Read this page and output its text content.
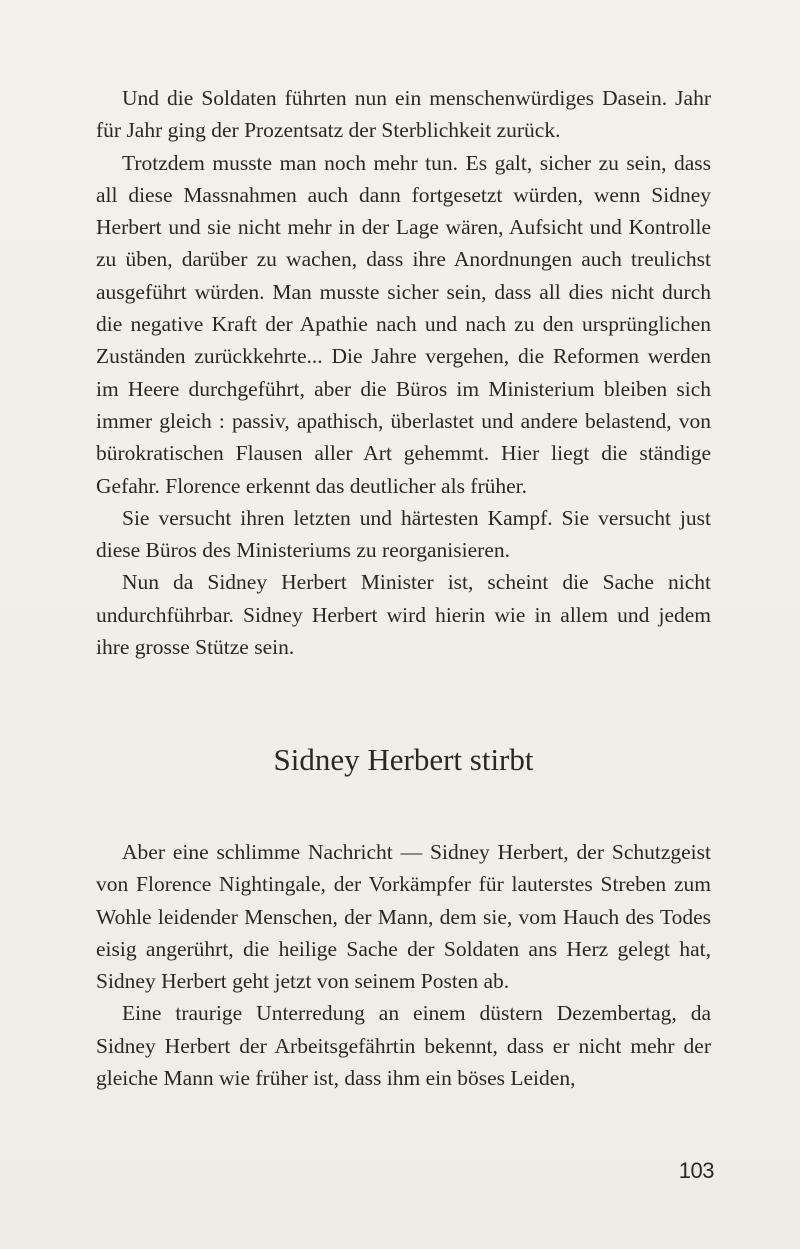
Und die Soldaten führten nun ein menschenwürdiges Dasein. Jahr für Jahr ging der Prozentsatz der Sterblichkeit zurück.

Trotzdem musste man noch mehr tun. Es galt, sicher zu sein, dass all diese Massnahmen auch dann fortgesetzt würden, wenn Sidney Herbert und sie nicht mehr in der Lage wären, Aufsicht und Kontrolle zu üben, darüber zu wachen, dass ihre Anordnungen auch treulichst ausgeführt würden. Man musste sicher sein, dass all dies nicht durch die negative Kraft der Apathie nach und nach zu den ursprünglichen Zuständen zurückkehrte... Die Jahre vergehen, die Reformen werden im Heere durchgeführt, aber die Büros im Ministerium bleiben sich immer gleich : passiv, apathisch, überlastet und andere belastend, von bürokratischen Flausen aller Art gehemmt. Hier liegt die ständige Gefahr. Florence erkennt das deutlicher als früher.

Sie versucht ihren letzten und härtesten Kampf. Sie versucht just diese Büros des Ministeriums zu reorganisieren.

Nun da Sidney Herbert Minister ist, scheint die Sache nicht undurchführbar. Sidney Herbert wird hierin wie in allem und jedem ihre grosse Stütze sein.

Sidney Herbert stirbt

Aber eine schlimme Nachricht — Sidney Herbert, der Schutzgeist von Florence Nightingale, der Vorkämpfer für lauterstes Streben zum Wohle leidender Menschen, der Mann, dem sie, vom Hauch des Todes eisig angerührt, die heilige Sache der Soldaten ans Herz gelegt hat, Sidney Herbert geht jetzt von seinem Posten ab.

Eine traurige Unterredung an einem düstern Dezembertag, da Sidney Herbert der Arbeitsgefährtin bekennt, dass er nicht mehr der gleiche Mann wie früher ist, dass ihm ein böses Leiden,

103
